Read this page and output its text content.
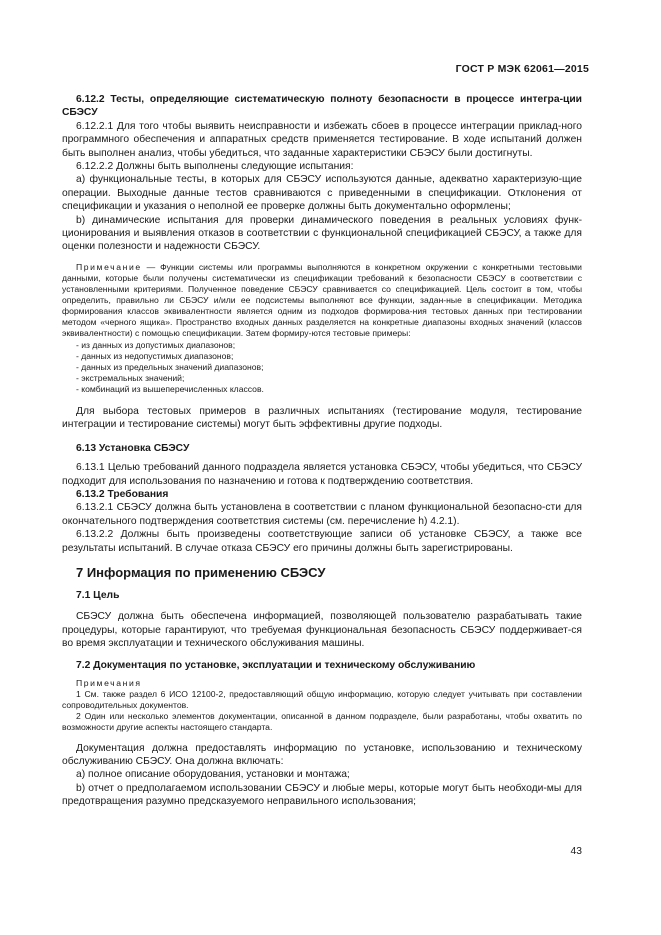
ГОСТ Р МЭК 62061—2015

6.12.2 Тесты, определяющие систематическую полноту безопасности в процессе интегра-ции СБЭСУ

6.12.2.1 Для того чтобы выявить неисправности и избежать сбоев в процессе интеграции приклад-ного программного обеспечения и аппаратных средств применяется тестирование. В ходе испытаний должен быть выполнен анализ, чтобы убедиться, что заданные характеристики СБЭСУ были достигнуты.

6.12.2.2 Должны быть выполнены следующие испытания:

a) функциональные тесты, в которых для СБЭСУ используются данные, адекватно характеризую-щие операции. Выходные данные тестов сравниваются с приведенными в спецификации. Отклонения от спецификации и указания о неполной ее проверке должны быть документально оформлены;

b) динамические испытания для проверки динамического поведения в реальных условиях функ-ционирования и выявления отказов в соответствии с функциональной спецификацией СБЭСУ, а также для оценки полезности и надежности СБЭСУ.

Примечание — Функции системы или программы выполняются в конкретном окружении с конкретными тестовыми данными, которые были получены систематически из спецификации требований к безопасности СБЭСУ в соответствии с установленными критериями. Полученное поведение СБЭСУ сравнивается со спецификацией. Цель состоит в том, чтобы определить, правильно ли СБЭСУ и/или ее подсистемы выполняют все функции, задан-ные в спецификации. Методика формирования классов эквивалентности является одним из подходов формирова-ния тестовых данных при тестировании методом «черного ящика». Пространство входных данных разделяется на конкретные диапазоны входных значений (классов эквивалентности) с помощью спецификации. Затем формиру-ются тестовые примеры:

- из данных из допустимых диапазонов;
- данных из недопустимых диапазонов;
- данных из предельных значений диапазонов;
- экстремальных значений;
- комбинаций из вышеперечисленных классов.

Для выбора тестовых примеров в различных испытаниях (тестирование модуля, тестирование интеграции и тестирование системы) могут быть эффективны другие подходы.

6.13 Установка СБЭСУ

6.13.1 Целью требований данного подраздела является установка СБЭСУ, чтобы убедиться, что СБЭСУ подходит для использования по назначению и готова к подтверждению соответствия.

6.13.2 Требования

6.13.2.1 СБЭСУ должна быть установлена в соответствии с планом функциональной безопасно-сти для окончательного подтверждения соответствия системы (см. перечисление h) 4.2.1).

6.13.2.2 Должны быть произведены соответствующие записи об установке СБЭСУ, а также все результаты испытаний. В случае отказа СБЭСУ его причины должны быть зарегистрированы.

7 Информация по применению СБЭСУ

7.1 Цель

СБЭСУ должна быть обеспечена информацией, позволяющей пользователю разрабатывать такие процедуры, которые гарантируют, что требуемая функциональная безопасность СБЭСУ поддерживает-ся во время эксплуатации и технического обслуживания машины.

7.2 Документация по установке, эксплуатации и техническому обслуживанию

Примечания

1 См. также раздел 6 ИСО 12100-2, предоставляющий общую информацию, которую следует учитывать при составлении сопроводительных документов.

2 Один или несколько элементов документации, описанной в данном подразделе, были разработаны, чтобы охватить по возможности другие аспекты настоящего стандарта.

Документация должна предоставлять информацию по установке, использованию и техническому обслуживанию СБЭСУ. Она должна включать:

a) полное описание оборудования, установки и монтажа;

b) отчет о предполагаемом использовании СБЭСУ и любые меры, которые могут быть необходи-мы для предотвращения разумно предсказуемого неправильного использования;

43
